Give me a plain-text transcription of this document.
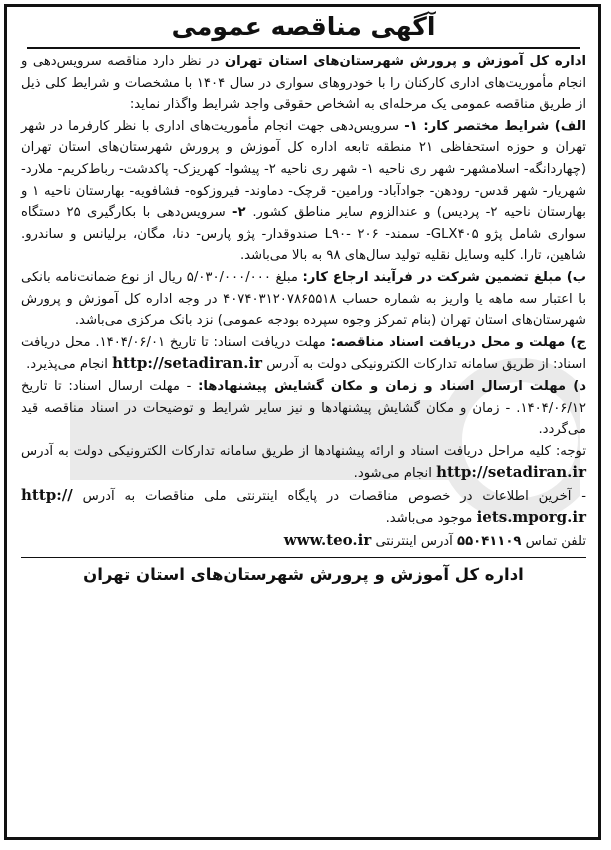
آگهی مناقصه عمومی

اداره کل آموزش و پرورش شهرستان‌های استان تهران در نظر دارد مناقصه سرویس‌دهی و انجام مأموریت‌های اداری کارکنان را با خودروهای سواری در سال ۱۴۰۴ با مشخصات و شرایط کلی ذیل از طریق مناقصه عمومی یک مرحله‌ای به اشخاص حقوقی واجد شرایط واگذار نماید:

الف) شرایط مختصر کار: ۱- سرویس‌دهی جهت انجام مأموریت‌های اداری با نظر کارفرما در شهر تهران و حوزه استحفاظی ۲۱ منطقه تابعه اداره کل آموزش و پرورش شهرستان‌های استان تهران (چهاردانگه- اسلامشهر- شهر ری ناحیه ۱- شهر ری ناحیه ۲- پیشوا- کهریزک- پاکدشت- رباط‌کریم- ملارد- شهریار- شهر قدس- رودهن- جوادآباد- ورامین- قرچک- دماوند- فیروزکوه- فشافویه- بهارستان ناحیه ۱ و بهارستان ناحیه ۲- پردیس) و عندالزوم سایر مناطق کشور. ۲- سرویس‌دهی با بکارگیری ۲۵ دستگاه سواری شامل پژو GLX۴۰۵- سمند- L۹۰- ۲۰۶ صندوقدار- پژو پارس- دنا، مگان، برلیانس و ساندرو. شاهین، تارا. کلیه وسایل نقلیه تولید سال‌های ۹۸ به بالا می‌باشد.

ب) مبلغ تضمین شرکت در فرآیند ارجاع کار: مبلغ ۵/۰۳۰/۰۰۰/۰۰۰ ریال از نوع ضمانت‌نامه بانکی با اعتبار سه ماهه یا واریز به شماره حساب ۴۰۷۴۰۳۱۲۰۷۸۶۵۵۱۸ در وجه اداره کل آموزش و پرورش شهرستان‌های استان تهران (بنام تمرکز وجوه سپرده بودجه عمومی) نزد بانک مرکزی می‌باشد.

ج) مهلت و محل دریافت اسناد مناقصه: مهلت دریافت اسناد: تا تاریخ ۱۴۰۴/۰۶/۰۱. محل دریافت اسناد: از طریق سامانه تدارکات الکترونیکی دولت به آدرس http://setadiran.ir انجام می‌پذیرد.

د) مهلت ارسال اسناد و زمان و مکان گشایش پیشنهادها: - مهلت ارسال اسناد: تا تاریخ ۱۴۰۴/۰۶/۱۲. - زمان و مکان گشایش پیشنهادها و نیز سایر شرایط و توضیحات در اسناد مناقصه قید می‌گردد.

توجه: کلیه مراحل دریافت اسناد و ارائه پیشنهادها از طریق سامانه تدارکات الکترونیکی دولت به آدرس http://setadiran.ir انجام می‌شود.

- آخرین اطلاعات در خصوص مناقصات در پایگاه اینترنتی ملی مناقصات به آدرس http:// iets.mporg.ir موجود می‌باشد.

تلفن تماس ۵۵۰۴۱۱۰۹ آدرس اینترنتی www.teo.ir

اداره کل آموزش و پرورش شهرستان‌های استان تهران
